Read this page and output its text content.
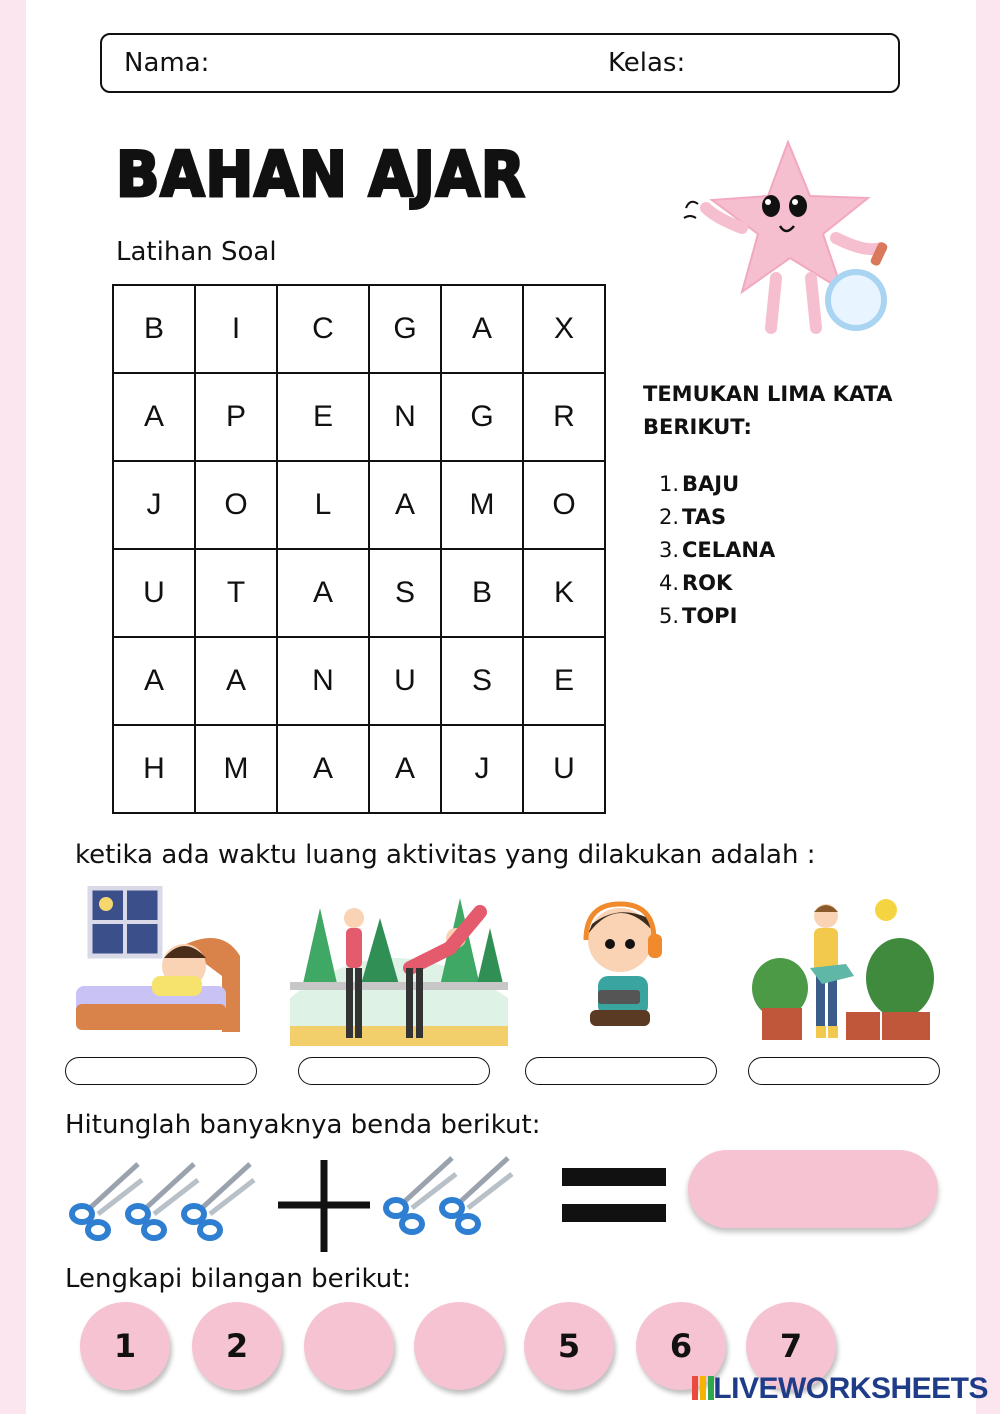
Nama:	Kelas:
BAHAN AJAR
Latihan Soal
B	I	C	G	A	X
A	P	E	N	G	R
J	O	L	A	M	O
U	T	A	S	B	K
A	A	N	U	S	E
H	M	A	A	J	U
TEMUKAN LIMA KATA BERIKUT:
1. BAJU
2. TAS
3. CELANA
4. ROK
5. TOPI
ketika ada waktu luang aktivitas yang dilakukan adalah :
Hitunglah banyaknya benda berikut:
Lengkapi bilangan berikut:
1	2	5	6	7
LIVEWORKSHEETS
